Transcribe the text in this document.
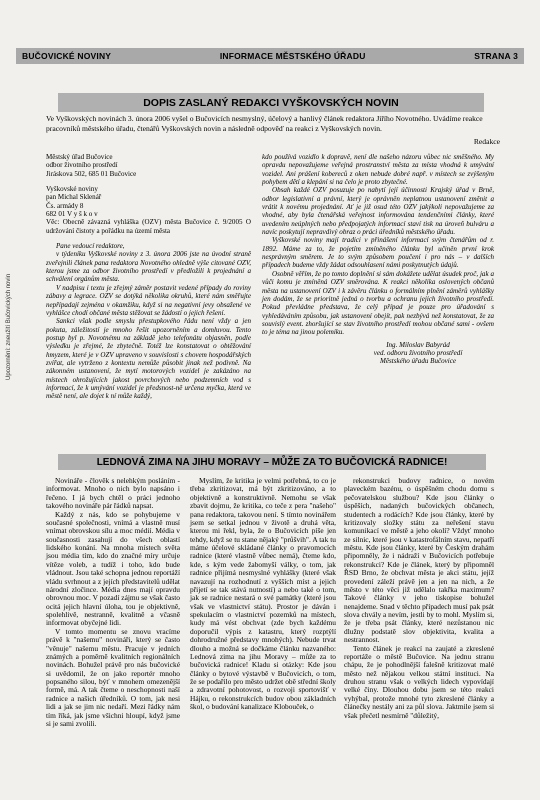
BUČOVICKÉ NOVINY	INFORMACE MĚSTSKÉHO ÚŘADU	STRANA 3
DOPIS ZASLANÝ REDAKCI VYŠKOVSKÝCH NOVIN

Ve Vyškovských novinách 3. února 2006 vyšel o Bučovicích nesmyslný, účelový a hanlivý článek redaktora Jiřího Novotného. Uvádíme reakce pracovníků městského úřadu, čtenářů Vyškovských novin a následně odpověď na reakci z Vyškovských novin.

Redakce

Městský úřad Bučovice

odbor životního prostředí

Jiráskova 502, 685 01 Bučovice

Vyškovské noviny

pan Michal Sklenář

Čs. armády 8

682 01 V y š k o v

Věc: Obecně závazná vyhláška (OZV) města Bučovice č. 9/2005 O udržování čistoty a pořádku na území města

Pane vedoucí redaktore,

v týdeníku Vyškovské noviny z 3. února 2006 jste na úvodní straně zveřejnili článek pana redaktora Novotného ohledně výše citované OZV, kterou jsme za odbor životního prostředí v předložili k projednání a schválení orgánům města.

V nadpisu i textu je zřejmý záměr postavit vedené případy do roviny zábavy a legrace. OZV se dotýká několika okruhů, které nám směřujte nepřípadají zejména v okamžiku, když si na negativní jevy obsažené ve vyhlášce chodí občané města stěžovat se žádostí o jejich řešení.

Sankci však podle smyslu přestupkového řádu není vždy a jen pokuta, záležitostí je mnoho řešit upozorněním a domluvou. Tento postup byl p. Novotnému na základě jeho telefonátu objasněn, podle výsledku je zřejmé, že zbytečně. Totéž lze konstatovat o obtěžování hmyzem, které je v OZV upraveno v souvislosti s chovem hospodářských zvířat, ale vytrženo z kontextu nemůže působit jinak než podivně. Na zákonném ustanovení, že mytí motorových vozidel je zakázáno na místech ohrožujících jakost povrchových nebo podzemních vod s informací, že k umývání vozidel je předsnost-ně určena myčka, která ve městě není, ale dojet k ní může každý,

kdo používá vozidlo k dopravě, není dle našeho názoru vůbec nic směšného. My opravdu nepovažujeme veřejná prostranství města za místa vhodná k umývání vozidel. Ani prášení kobereců z oken nebude dobré např. v místech se zvýšeným pohybem dětí a klepání si na čelo je proto zbytečné.

Obsah každé OZV posuzuje po nabytí její účinnosti Krajský úřad v Brně, odbor legislativní a právní, který je oprávněn neplatnou ustanovení změnit a vrátit k novému projednání. Ať je již osud této OZV jakýkoli nepovažujeme za vhodné, aby byla čtenářská veřejnost informována tendenčními články, které uvedením neúplných nebo předpojatých informací staví tisk na úroveň bulváru a navíc poskytují nepravdivý obraz o práci úředníků městského úřadu.

Vyškovské noviny mají tradici v přinášení informací svým čtenářům od r. 1892. Máme za to, že pojetím zmíněného článku byl učiněn první krok nesprávným směrem. Je to svým způsobem poučení i pro nás – v dalších případech budeme vždy žádat odsouhlasení námi poskytnutých údajů.

Osobně věřím, že po tomto doplnění si sám dokážete udělat úsudek proč, jak a vůči komu je zmíněná OZV směrována. K reakci několika oslovených občanů města na ustanovení OZV i k závěru článku o formálním plnění záměrů vyhlášky jen dodám, že se prioritně jedná o tvorbu a ochranu jejich životního prostředí. Pokud převládne představa, že celý případ je pouze pro úřadování s vyhledáváním způsobu, jak ustanovení obejít, pak nezbývá než konstatovat, že za souvislý event. zhoršující se stav životního prostředí mohou občané sami - ovšem to je téma na jinou polemiku.

Ing. Miloslav Babyrád

ved. odboru životního prostředí

Městského úřadu Bučovice

LEDNOVÁ ZIMA NA JIHU MORAVY – MŮŽE ZA TO BUČOVICKÁ RADNICE!

Novináře - člověk s nelehkým posláním - informovat. Mnoho o nich bylo napsáno i řečeno. I já bych chtěl o práci jednoho takového novináře pár řádků napsat.

Každý z nás, kdo se pohybujeme v současné společnosti, vnímá a vlastně musí vnímat obrovskou sílu a moc médií. Média v současnosti zasahují do všech oblastí lidského konání. Na mnoha místech světa jsou média tím, kdo do značné míry určuje vítěze voleb, a tudíž i toho, kdo bude vládnout. Jsou také schopna jednou reportáží vládu svrhnout a z jejích představitelů udělat národní zločince. Média dnes mají opravdu obrovnou moc. V pozadí zájmu se však často ocitá jejich hlavní úloha, tou je objektivně, spolehlivě, nestranně, kvalitně a včasně informovat obyčejné lidi.

V tomto momentu se znovu vracíme právě k "našemu" novináři, který se často "věnuje" našemu městu. Pracuje v jedních známých a poměrně kvalitních regionálních novinách. Bohužel právě pro nás bučovické si uvědomil, že on jako reportér mnoho popsaného silou, býť v mnohem omezenější formě, má. A tak čteme o neschopnosti naší radnice a našich úředníků. O tom, jak nesi lidi a jak se jim nic nedaří. Mezi řádky nám tím říká, jak jsme všichni hloupí, když jsme si je sami zvolili.

Myslím, že kritika je velmi potřebná, to co je třeba zkritizovat, má být zkritizováno, a to objektivně a konstruktivně. Nemohu se však zbavit dojmu, že kritika, co teče z pera "našeho" pana redaktora, takovou není. S tímto novinářem jsem se setkal jednou v životě a druhá věta, kterou mi řekl, byla, že o Bučovicích píše jen tehdy, když se tu stane nějaký "průšvih". A tak tu máme účelové skládané články o pravomocích radnice (které vlastně vůbec nemá), čteme kdo, kde, s kým vede žabomyší války, o tom, jak radnice přijímá nesmyslné vyhlášky (které však navazují na rozhodnutí z vyšších míst a jejich přijetí se tak stává nutností) a nebo také o tom, jak se radnice nestará o své památky (které jsou však ve vlastnictví státu). Prostor je dáván i spekulacím o vlastnictví pozemků na místech, kudy má vést obchvat (zde bych každému doporučil výpis z katastru, který rozptýlí dohrodružné představy mnohých). Nebude trvat dlouho a možná se dočkáme článku nazvaného: Lednová zima na jihu Moravy – může za to bučovická radnice! Kladu si otázky: Kde jsou články o bytové výstavbě v Bučovicích, o tom, že se podařilo pro město udržet obě střední školy a zdravotní pohotovost, o rozvoji sportovišť v Hájku, o rekonstrukcích budov obou základních škol, o budování kanalizace Klobouček, o

rekonstrukci budovy radnice, o novém plaveckém bazénu, o úspěšném chodu domu s pečovatelskou službou? Kde jsou články o úspěších, nadaných bučovických občanech, studentech a rodácích? Kde jsou články, které by kritizovaly složky státu za neřešení stavu komunikací ve městě a jeho okolí? Vždyť mnoho ze silnic, které jsou v katastrofálním stavu, nepatří městu. Kde jsou články, které by Českým drahám připomněly, že i nádraží v Bučovicích potřebuje rekonstrukci? Kde je článek, který by připomněl ŘSD Brno, že obchvat města je akci státu, jejíž provedení záleží právě jen a jen na nich, a že město v této věci již udělalo takřka maximum? Takové články v jeho tiskopise bohužel nenajdeme. Snad v těchto případech musí pak psát slova chvály a nevím, jestli by to mohl. Myslím si, že je třeba psát články, které nezůstanou nic dlužny podstatě slov objektivita, kvalita a nestrannost.

Tento článek je reakcí na zaujaté a zkreslené reportáže o městě Bučovice. Na jednu stranu chápu, že je pohodlnější falešně kritizovat malé město než nějakou velkou státní instituci. Na druhou stranu však o velkých lidech vypovídají velké činy. Dlouhou dobu jsem se této reakci vyhýbal, protože mnohé tyto zkreslené články a článečky nestály ani za půl slova. Jaktmile jsem si však přečetl nesmírně "důležitý,

Upozornění: zneužití Bučovických novin
